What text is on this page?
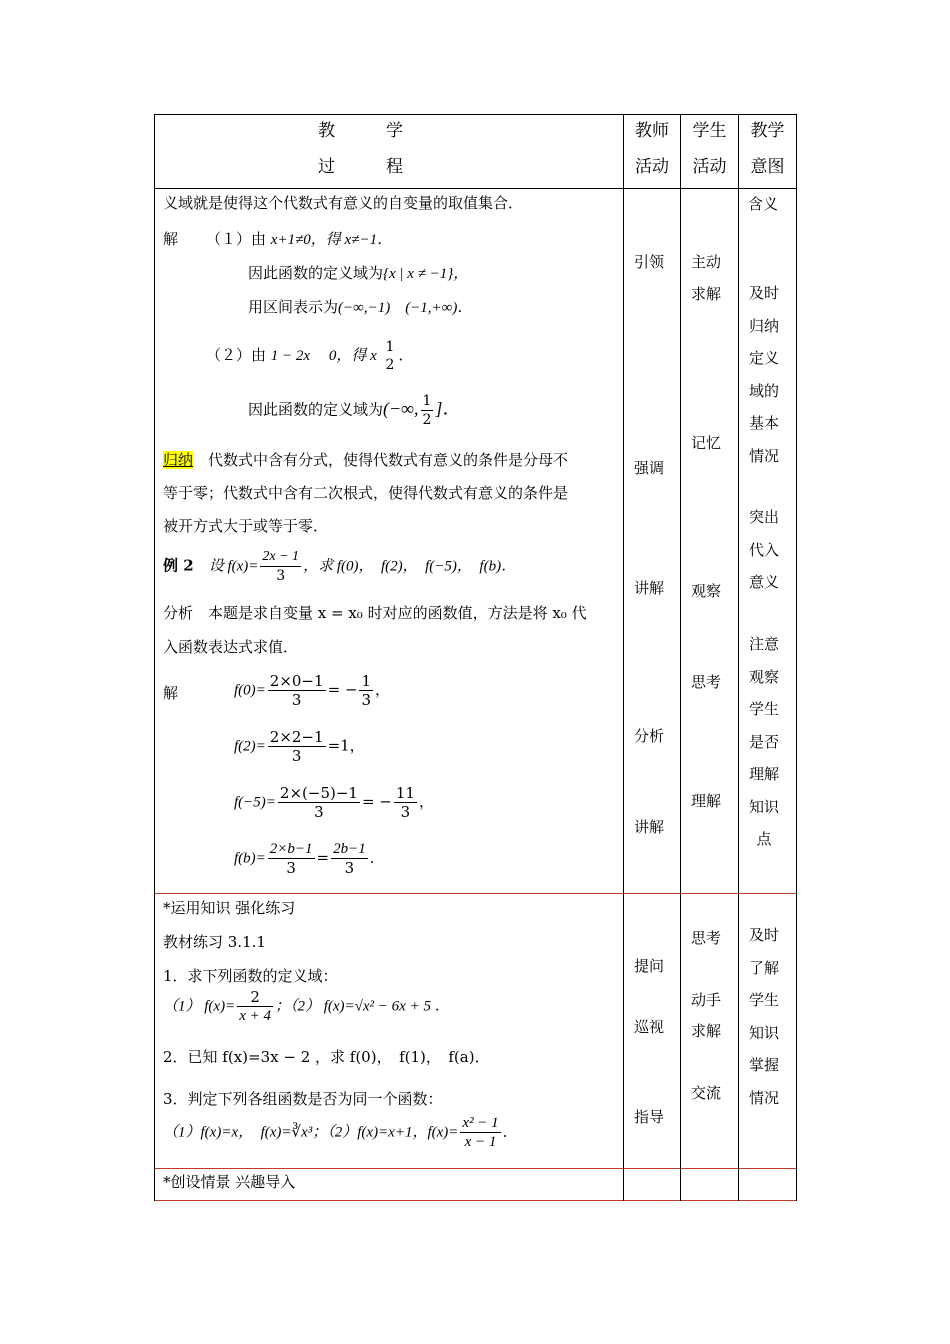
教　　　学
过　　　程
教师
活动
学生
活动
教学
意图
义域就是使得这个代数式有意义的自变量的取值集合．
解 （１）由 x+1≠0，得 x≠−1．
因此函数的定义域为{x | x ≠ −1}，
用区间表示为(−∞,−1)　(−1,+∞)．
（２）由 1 − 2x　 0，得 x
1
2
．
因此函数的定义域为(−∞, $\frac{1}{2}$ ]．
归纳　代数式中含有分式，使得代数式有意义的条件是分母不
等于零；代数式中含有二次根式，使得代数式有意义的条件是
被开方式大于或等于零．
例 2　 设 $f(x)= \frac{2x - 1}{3}$ ，求 f(0)，　f(2)，　f(−5)，　f(b)．
分析　本题是求自变量 x = x₀ 时对应的函数值，方法是将 x₀ 代
入函数表达式求值．
解	$f(0)= \frac{2\times 0-1}{3}$ = − $\frac{1}{3}$ ，
$f(2)= \frac{2\times 2-1}{3} =1$，
$f(-5)= \frac{2\times(-5)-1}{3}$ = − $\frac{11}{3}$ ，
$f(b)= \frac{2\times b-1}{3} = \frac{2b-1}{3}$ ．
引领
强调
讲解
分析
讲解
主动
求解
记忆
观察
思考
理解
含义
及时
归纳
定义
域的
基本
情况
突出
代入
意义
注意
观察
学生
是否
理解
知识
点
*运用知识 强化练习
教材练习 3.1.1
1．求下列函数的定义域：
（1） $f(x)= \frac{2}{x + 4}$ ；（2） f(x)=√x² − 6x + 5 ．
2．已知 f(x)=3x − 2 ，求 f(0)，　f(1)，　f(a)．
3．判定下列各组函数是否为同一个函数：
（1）f(x)=x，　f(x)=∛x³；（2）f(x)=x+1，$f(x)= \frac{\text{x² − 1}}{x - 1}$ ．
提问
巡视
指导
思考
动手
求解
交流
及时
了解
学生
知识
掌握
情况
*创设情景 兴趣导入
